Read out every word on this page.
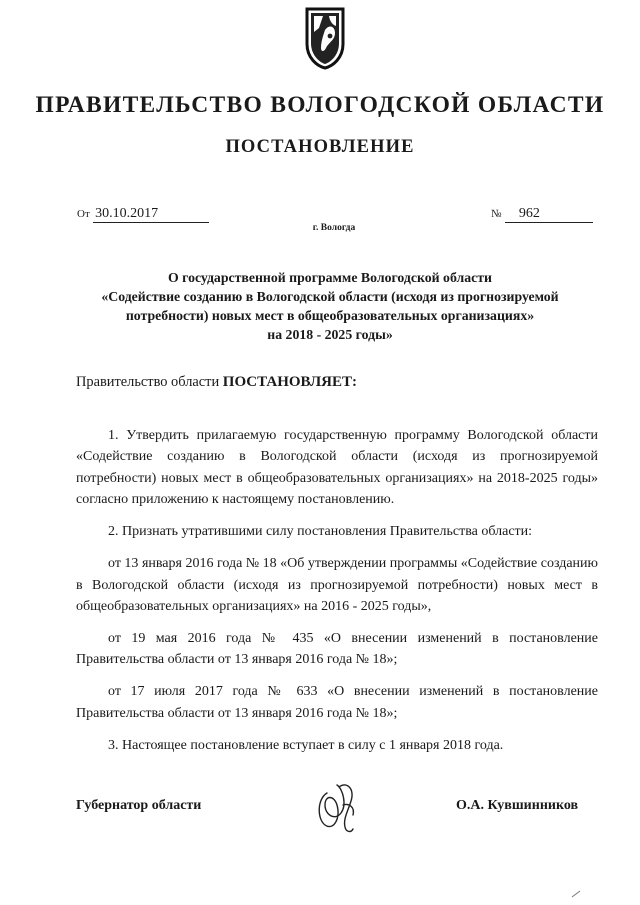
ПРАВИТЕЛЬСТВО ВОЛОГОДСКОЙ ОБЛАСТИ
ПОСТАНОВЛЕНИЕ
От 30.10.2017	№ 962
г. Вологда
О государственной программе Вологодской области
«Содействие созданию в Вологодской области (исходя из прогнозируемой
потребности) новых мест в общеобразовательных организациях»
на 2018 - 2025 годы»
Правительство области ПОСТАНОВЛЯЕТ:

1. Утвердить прилагаемую государственную программу Вологодской области «Содействие созданию в Вологодской области (исходя из прогнозируемой потребности) новых мест в общеобразовательных организациях» на 2018-2025 годы» согласно приложению к настоящему постановлению.

2. Признать утратившими силу постановления Правительства области:

от 13 января 2016 года № 18 «Об утверждении программы «Содействие созданию в Вологодской области (исходя из прогнозируемой потребности) новых мест в общеобразовательных организациях» на 2016 - 2025 годы»,

от 19 мая 2016 года № 435 «О внесении изменений в постановление Правительства области от 13 января 2016 года № 18»;

от 17 июля 2017 года № 633 «О внесении изменений в постановление Правительства области от 13 января 2016 года № 18»;

3. Настоящее постановление вступает в силу с 1 января 2018 года.

Губернатор области	О.А. Кувшинников
